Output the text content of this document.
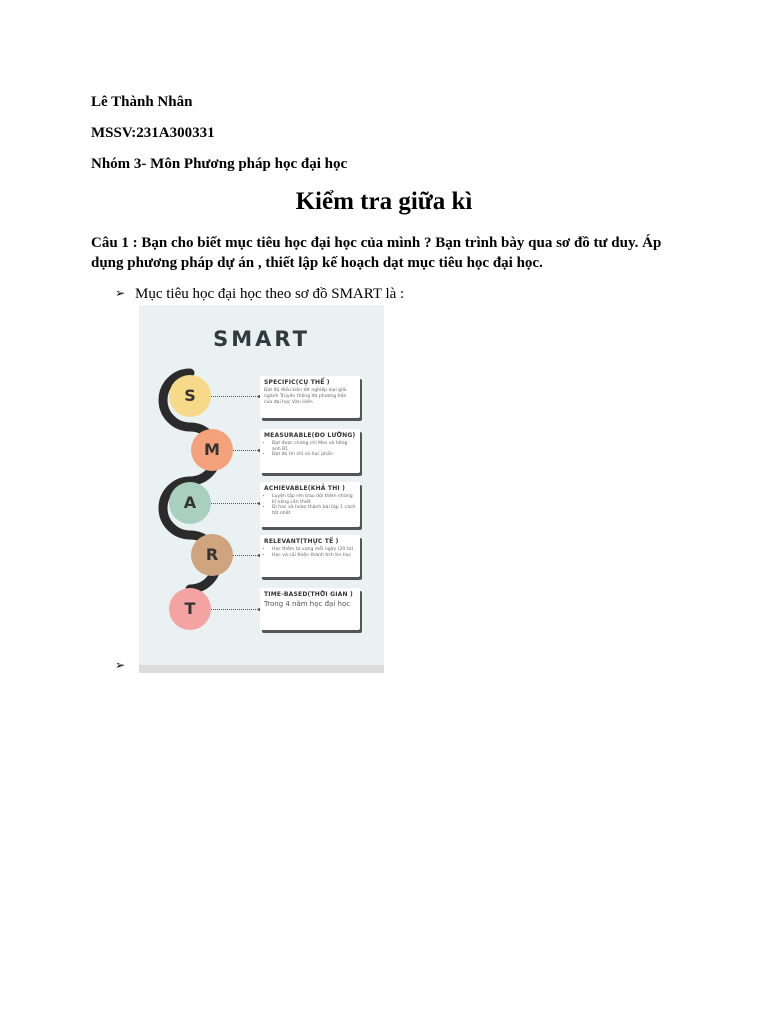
Lê Thành Nhân
MSSV:231A300331
Nhóm 3- Môn Phương pháp học đại học
Kiểm tra giữa kì
Câu 1 : Bạn cho biết mục tiêu học đại học của mình ? Bạn trình bày qua sơ đồ tư duy. Áp dụng phương pháp dự án , thiết lập kế hoạch dạt mục tiêu học đại học.
➢ Mục tiêu học đại học theo sơ đồ SMART là :
SMART
S
M
A
R
T
SPECIFIC(CỤ THỂ )
Đạt đủ điều kiện tốt nghiệp loại giỏi ngành Truyền thông đa phương tiện của đại học Văn Hiến
MEASURABLE(ĐO LƯỜNG)
• Đạt được chứng chỉ Mos và tiếng anh B1
• Đạt đủ tín chỉ và học phần
ACHIEVABLE(KHẢ THI )
• Luyện tập rèn trau dồi thêm những kĩ năng cần thiết
• Đi học và hoàn thành bài tập 1 cách tốt nhất
RELEVANT(THỰC TẾ )
• Học thêm từ vựng mỗi ngày (20 từ)
• Học và cải thiện thành tích tin học
TIME-BASED(THỜI GIAN )
Trong 4 năm học đại học
➢
